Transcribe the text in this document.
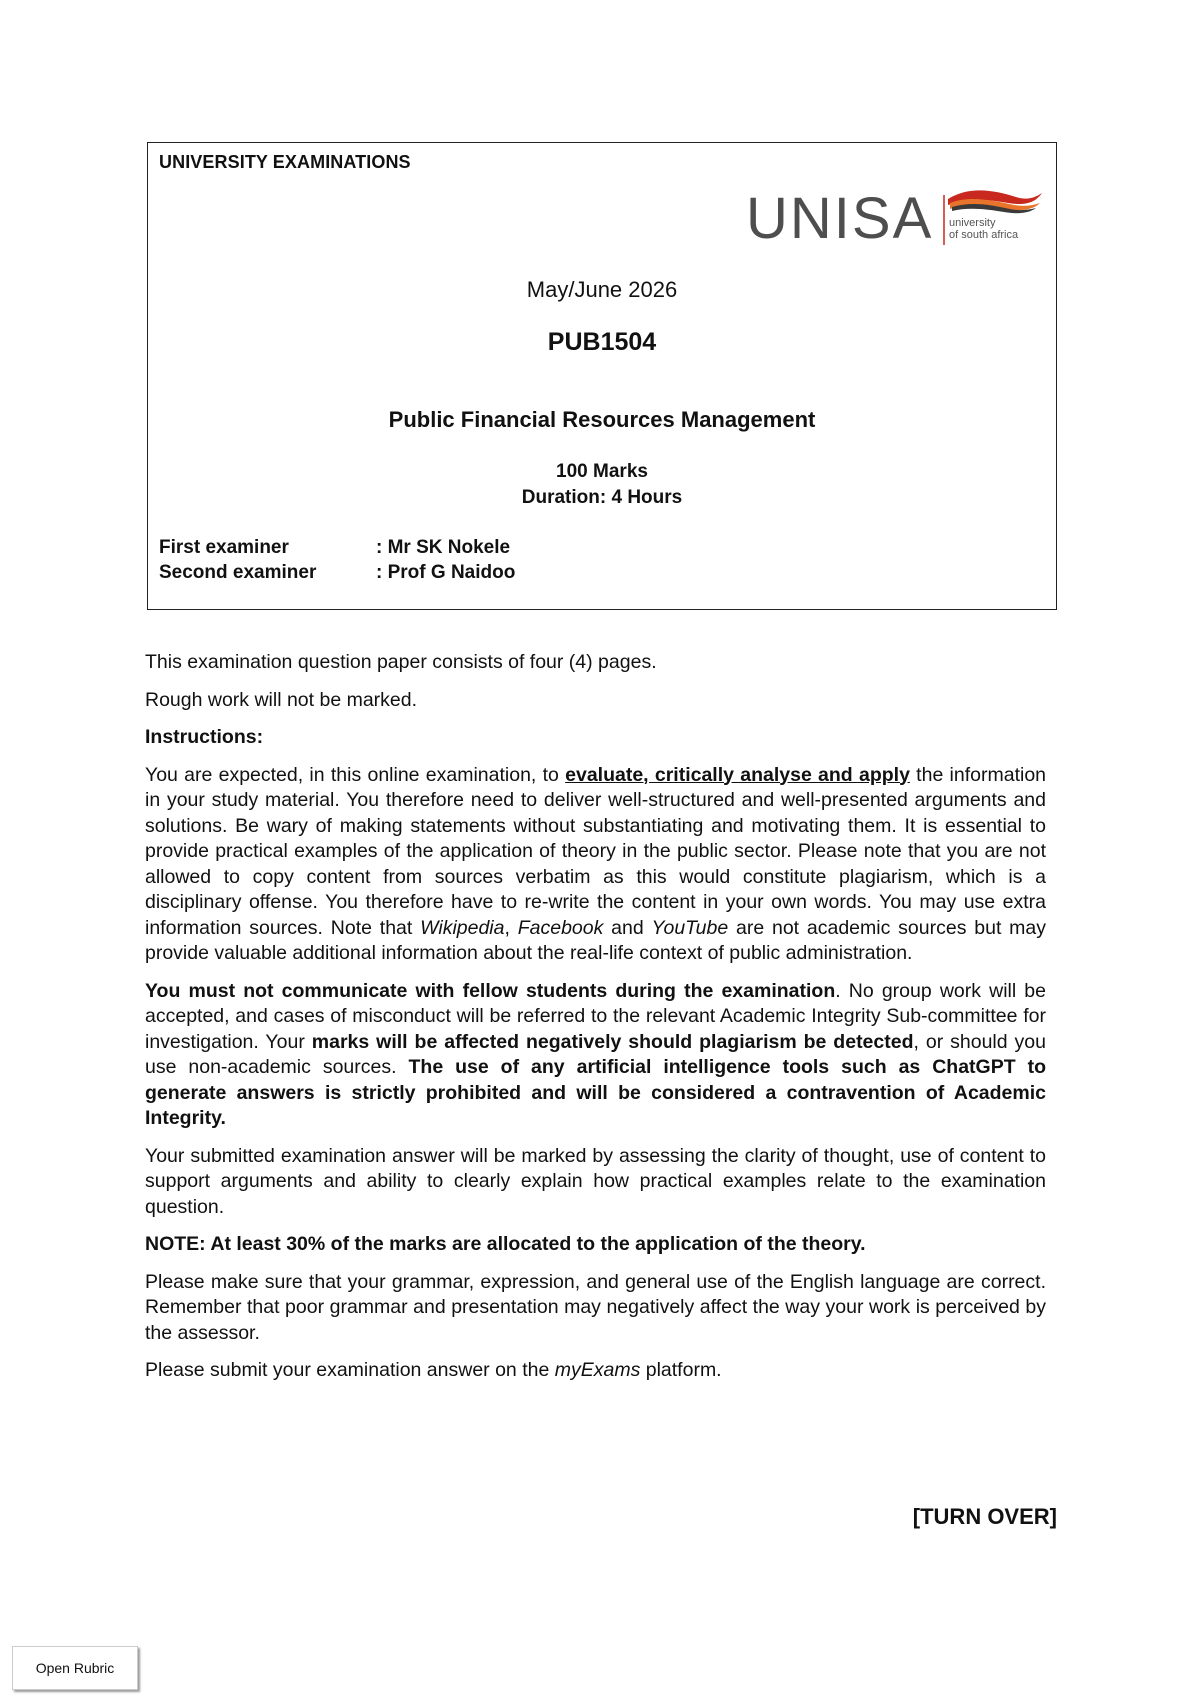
UNIVERSITY EXAMINATIONS
UNISA university
of south africa
May/June 2026
PUB1504
Public Financial Resources Management
100 Marks
Duration: 4 Hours
First examiner	: Mr SK Nokele
Second examiner	: Prof G Naidoo

This examination question paper consists of four (4) pages.

Rough work will not be marked.

Instructions:

You are expected, in this online examination, to evaluate, critically analyse and apply the information in your study material. You therefore need to deliver well-structured and well-presented arguments and solutions. Be wary of making statements without substantiating and motivating them. It is essential to provide practical examples of the application of theory in the public sector. Please note that you are not allowed to copy content from sources verbatim as this would constitute plagiarism, which is a disciplinary offense. You therefore have to re-write the content in your own words. You may use extra information sources. Note that Wikipedia, Facebook and YouTube are not academic sources but may provide valuable additional information about the real-life context of public administration.

You must not communicate with fellow students during the examination. No group work will be accepted, and cases of misconduct will be referred to the relevant Academic Integrity Sub-committee for investigation. Your marks will be affected negatively should plagiarism be detected, or should you use non-academic sources. The use of any artificial intelligence tools such as ChatGPT to generate answers is strictly prohibited and will be considered a contravention of Academic Integrity.

Your submitted examination answer will be marked by assessing the clarity of thought, use of content to support arguments and ability to clearly explain how practical examples relate to the examination question.

NOTE: At least 30% of the marks are allocated to the application of the theory.

Please make sure that your grammar, expression, and general use of the English language are correct. Remember that poor grammar and presentation may negatively affect the way your work is perceived by the assessor.

Please submit your examination answer on the myExams platform.

[TURN OVER]
Open Rubric
